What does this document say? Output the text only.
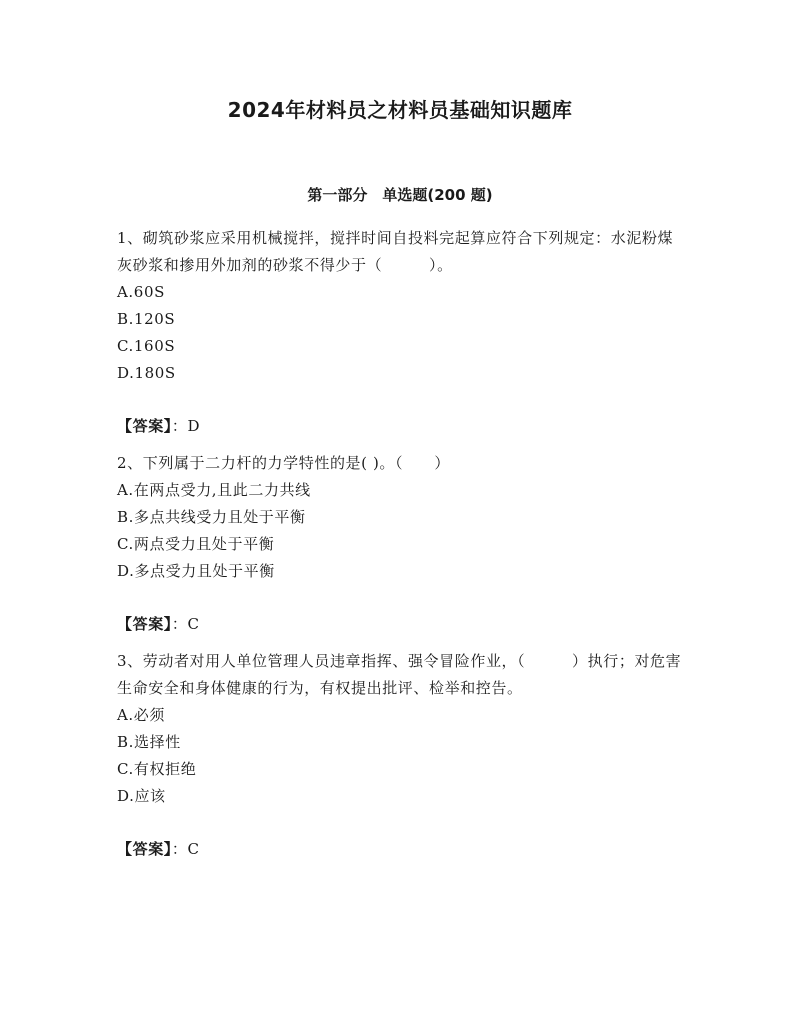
2024年材料员之材料员基础知识题库
第一部分　单选题(200 题)

1、砌筑砂浆应采用机械搅拌，搅拌时间自投料完起算应符合下列规定：水泥粉煤灰砂浆和掺用外加剂的砂浆不得少于（　　　）。

A.60S
B.120S
C.160S
D.180S

【答案】：D

2、下列属于二力杆的力学特性的是( )。（　　）

A.在两点受力,且此二力共线
B.多点共线受力且处于平衡
C.两点受力且处于平衡
D.多点受力且处于平衡

【答案】：C

3、劳动者对用人单位管理人员违章指挥、强令冒险作业，（　　　）执行；对危害生命安全和身体健康的行为，有权提出批评、检举和控告。

A.必须
B.选择性
C.有权拒绝
D.应该

【答案】：C
